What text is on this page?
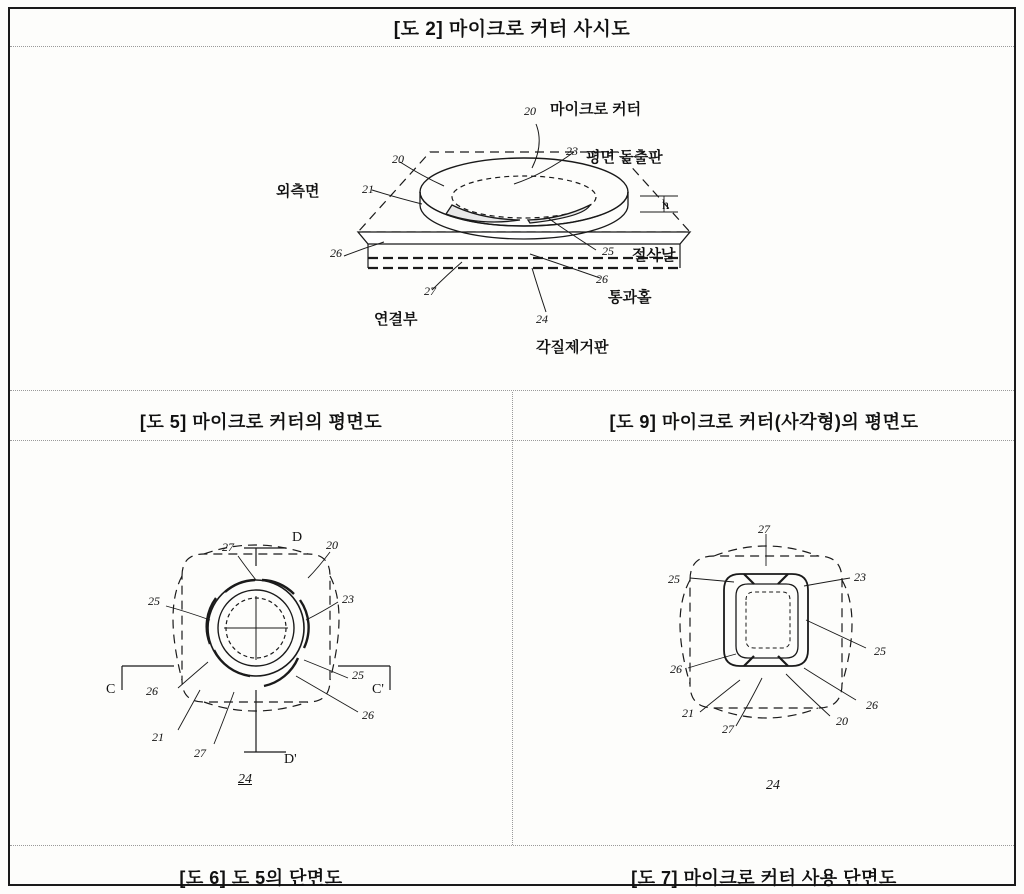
[도 2] 마이크로 커터 사시도
마이크로 커터
평면 돌출판
외측면
절삭날
통과홀
연결부
각질제거판
20
23
20
21
26	25
26
27
24
h
[도 5] 마이크로 커터의 평면도	[도 9] 마이크로 커터(사각형)의 평면도
27	20
25	23
26
25
26
21
27
D
C	C'
D'
24
27
25	23
25
26
26
21
27
20
24
[도 6] 도 5의 단면도	[도 7] 마이크로 커터 사용 단면도
